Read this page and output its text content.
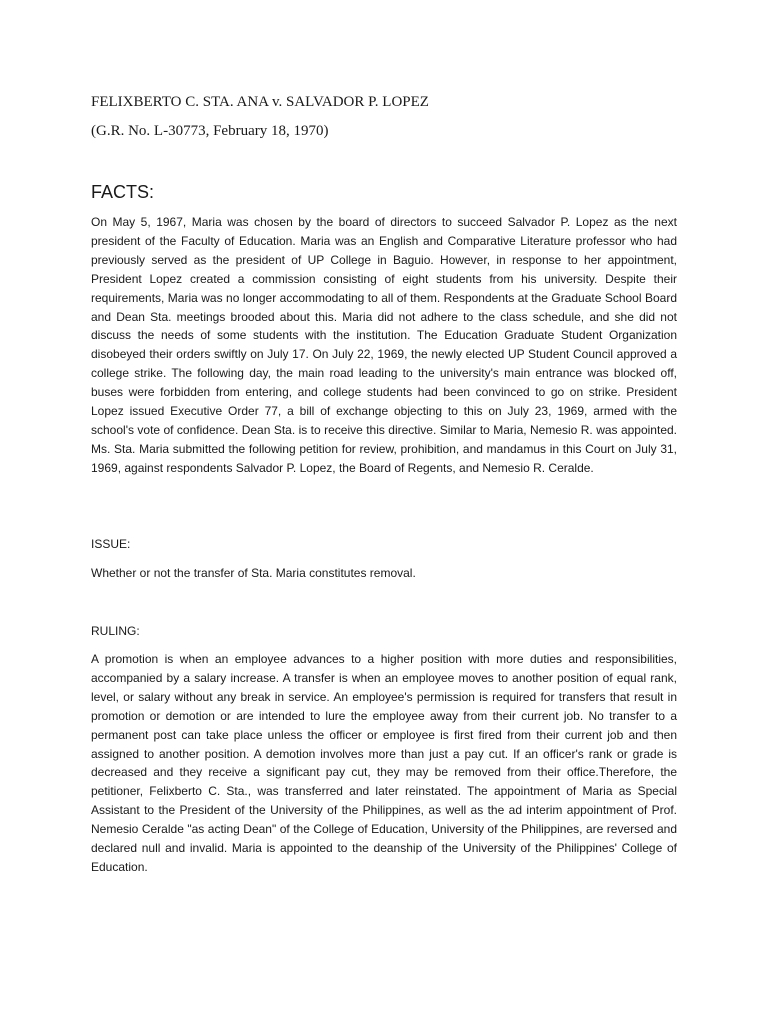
FELIXBERTO C. STA. ANA v. SALVADOR P. LOPEZ
(G.R. No. L-30773, February 18, 1970)
FACTS:
On May 5, 1967, Maria was chosen by the board of directors to succeed Salvador P. Lopez as the next president of the Faculty of Education. Maria was an English and Comparative Literature professor who had previously served as the president of UP College in Baguio. However, in response to her appointment, President Lopez created a commission consisting of eight students from his university. Despite their requirements, Maria was no longer accommodating to all of them. Respondents at the Graduate School Board and Dean Sta. meetings brooded about this. Maria did not adhere to the class schedule, and she did not discuss the needs of some students with the institution. The Education Graduate Student Organization disobeyed their orders swiftly on July 17. On July 22, 1969, the newly elected UP Student Council approved a college strike. The following day, the main road leading to the university's main entrance was blocked off, buses were forbidden from entering, and college students had been convinced to go on strike. President Lopez issued Executive Order 77, a bill of exchange objecting to this on July 23, 1969, armed with the school's vote of confidence. Dean Sta. is to receive this directive. Similar to Maria, Nemesio R. was appointed. Ms. Sta. Maria submitted the following petition for review, prohibition, and mandamus in this Court on July 31, 1969, against respondents Salvador P. Lopez, the Board of Regents, and Nemesio R. Ceralde.
ISSUE:
Whether or not the transfer of Sta. Maria constitutes removal.
RULING:
A promotion is when an employee advances to a higher position with more duties and responsibilities, accompanied by a salary increase. A transfer is when an employee moves to another position of equal rank, level, or salary without any break in service. An employee's permission is required for transfers that result in promotion or demotion or are intended to lure the employee away from their current job. No transfer to a permanent post can take place unless the officer or employee is first fired from their current job and then assigned to another position. A demotion involves more than just a pay cut. If an officer's rank or grade is decreased and they receive a significant pay cut, they may be removed from their office.Therefore, the petitioner, Felixberto C. Sta., was transferred and later reinstated. The appointment of Maria as Special Assistant to the President of the University of the Philippines, as well as the ad interim appointment of Prof. Nemesio Ceralde "as acting Dean" of the College of Education, University of the Philippines, are reversed and declared null and invalid. Maria is appointed to the deanship of the University of the Philippines' College of Education.
